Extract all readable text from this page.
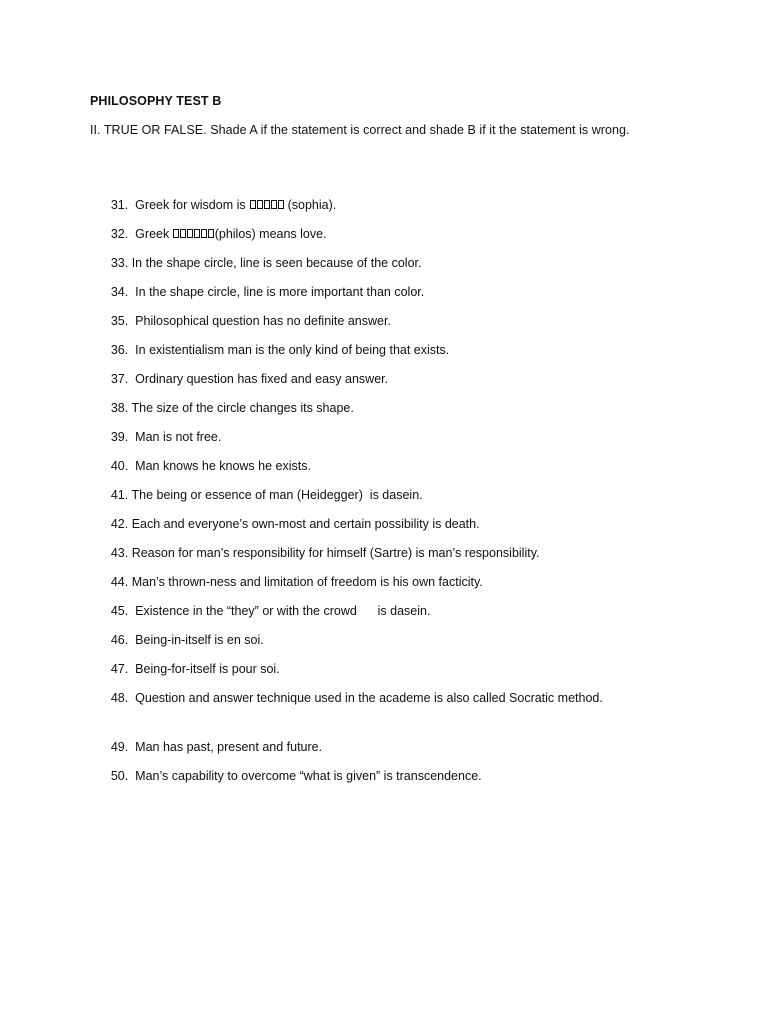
PHILOSOPHY TEST B
II. TRUE OR FALSE. Shade A if the statement is correct and shade B if it the statement is wrong.

31.  Greek for wisdom is	(sophia).

32.  Greek	(philos) means love.

33. In the shape circle, line is seen because of the color.

34.  In the shape circle, line is more important than color.

35.  Philosophical question has no definite answer.

36.  In existentialism man is the only kind of being that exists.

37.  Ordinary question has fixed and easy answer.

38. The size of the circle changes its shape.

39.  Man is not free.

40.  Man knows he knows he exists.

41. The being or essence of man (Heidegger)  is dasein.

42. Each and everyone’s own-most and certain possibility is death.

43. Reason for man’s responsibility for himself (Sartre) is man’s responsibility.

44. Man’s thrown-ness and limitation of freedom is his own facticity.

45.  Existence in the “they” or with the crowd      is dasein.

46.  Being-in-itself is en soi.

47.  Being-for-itself is pour soi.

48.  Question and answer technique used in the academe is also called Socratic method.

49.  Man has past, present and future.

50.  Man’s capability to overcome “what is given” is transcendence.
